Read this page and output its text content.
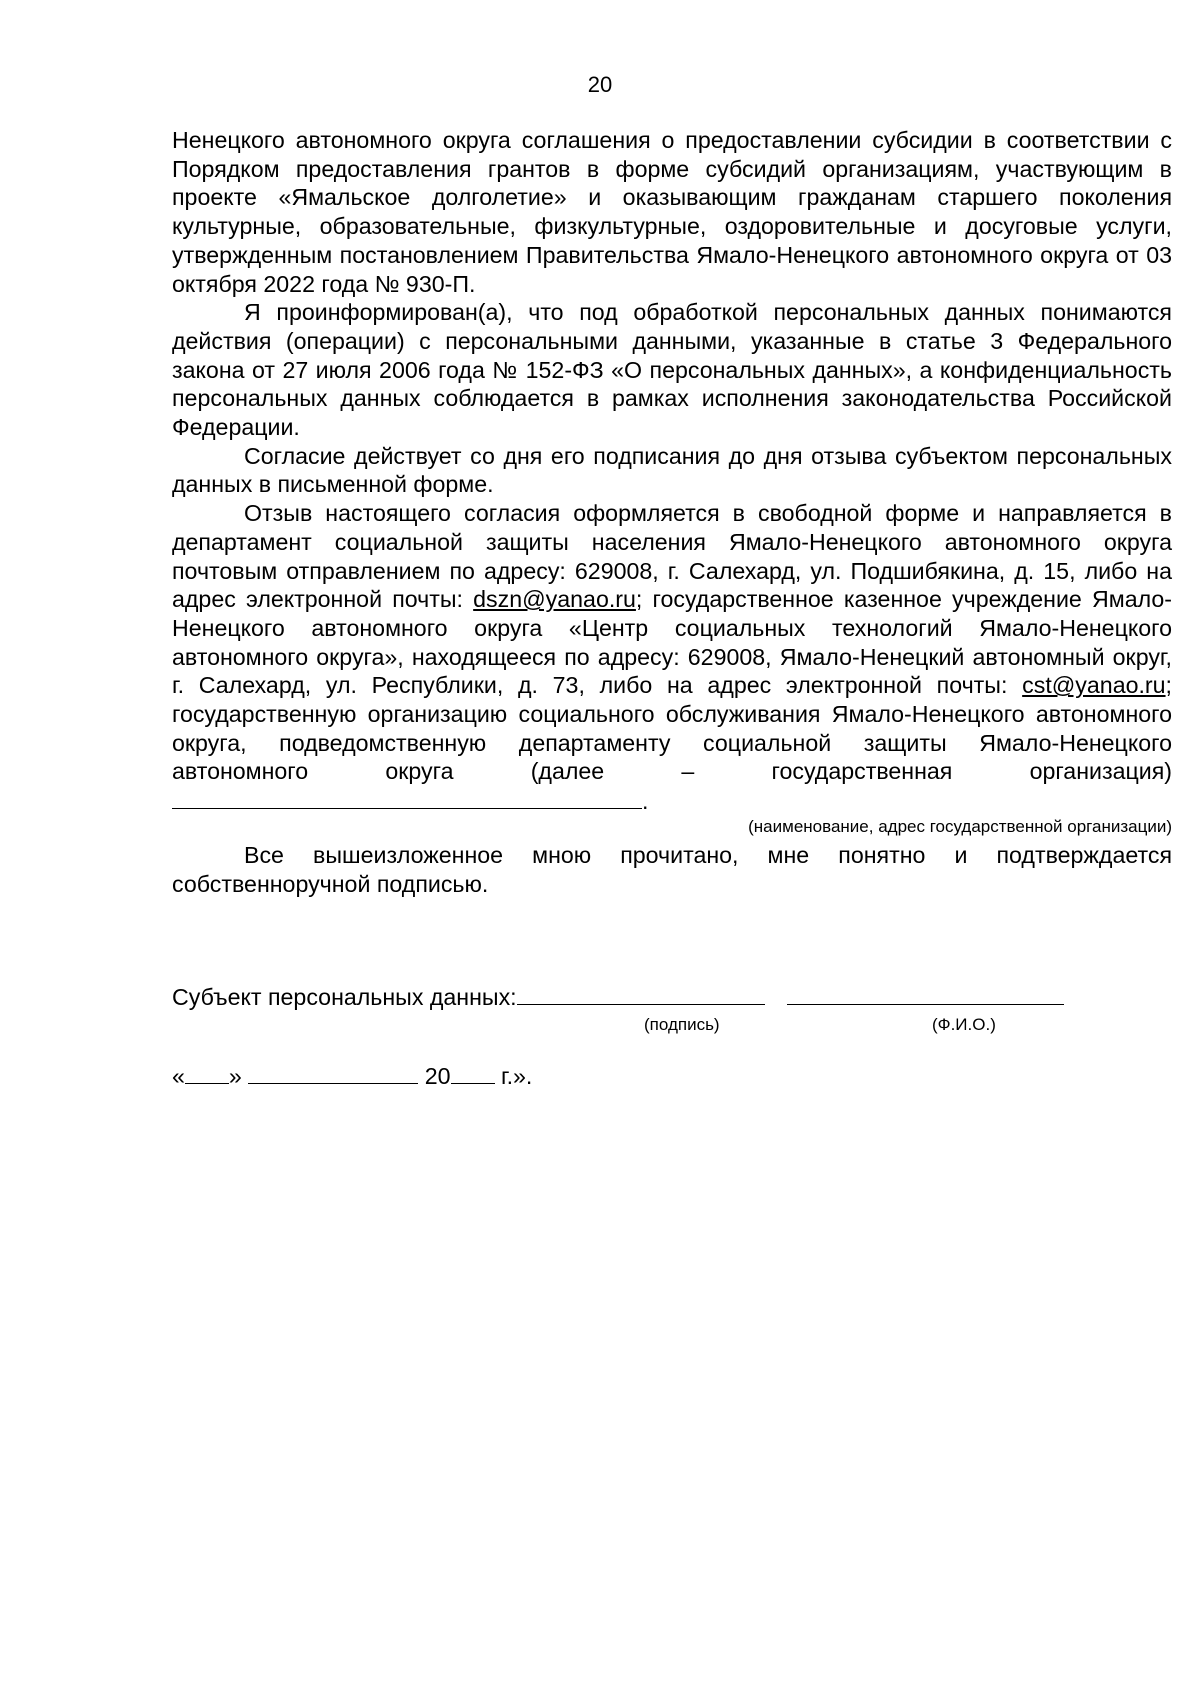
20

Ненецкого автономного округа соглашения о предоставлении субсидии в соответствии с Порядком предоставления грантов в форме субсидий организациям, участвующим в проекте «Ямальское долголетие» и оказывающим гражданам старшего поколения культурные, образовательные, физкультурные, оздоровительные и досуговые услуги, утвержденным постановлением Правительства Ямало-Ненецкого автономного округа от 03 октября 2022 года № 930-П.

Я проинформирован(а), что под обработкой персональных данных понимаются действия (операции) с персональными данными, указанные в статье 3 Федерального закона от 27 июля 2006 года № 152-ФЗ «О персональных данных», а конфиденциальность персональных данных соблюдается в рамках исполнения законодательства Российской Федерации.

Согласие действует со дня его подписания до дня отзыва субъектом персональных данных в письменной форме.

Отзыв настоящего согласия оформляется в свободной форме и направляется в департамент социальной защиты населения Ямало-Ненецкого автономного округа почтовым отправлением по адресу: 629008, г. Салехард, ул. Подшибякина, д. 15, либо на адрес электронной почты: dszn@yanao.ru; государственное казенное учреждение Ямало-Ненецкого автономного округа «Центр социальных технологий Ямало-Ненецкого автономного округа», находящееся по адресу: 629008, Ямало-Ненецкий автономный округ, г. Салехард, ул. Республики, д. 73, либо на адрес электронной почты: cst@yanao.ru; государственную организацию социального обслуживания Ямало-Ненецкого автономного округа, подведомственную департаменту социальной защиты Ямало-Ненецкого автономного округа (далее – государственная организация) .

(наименование, адрес государственной организации)

Все вышеизложенное мною прочитано, мне понятно и подтверждается собственноручной подписью.

Субъект персональных данных:
(подпись)	(Ф.И.О.)
« »	20 г.».
